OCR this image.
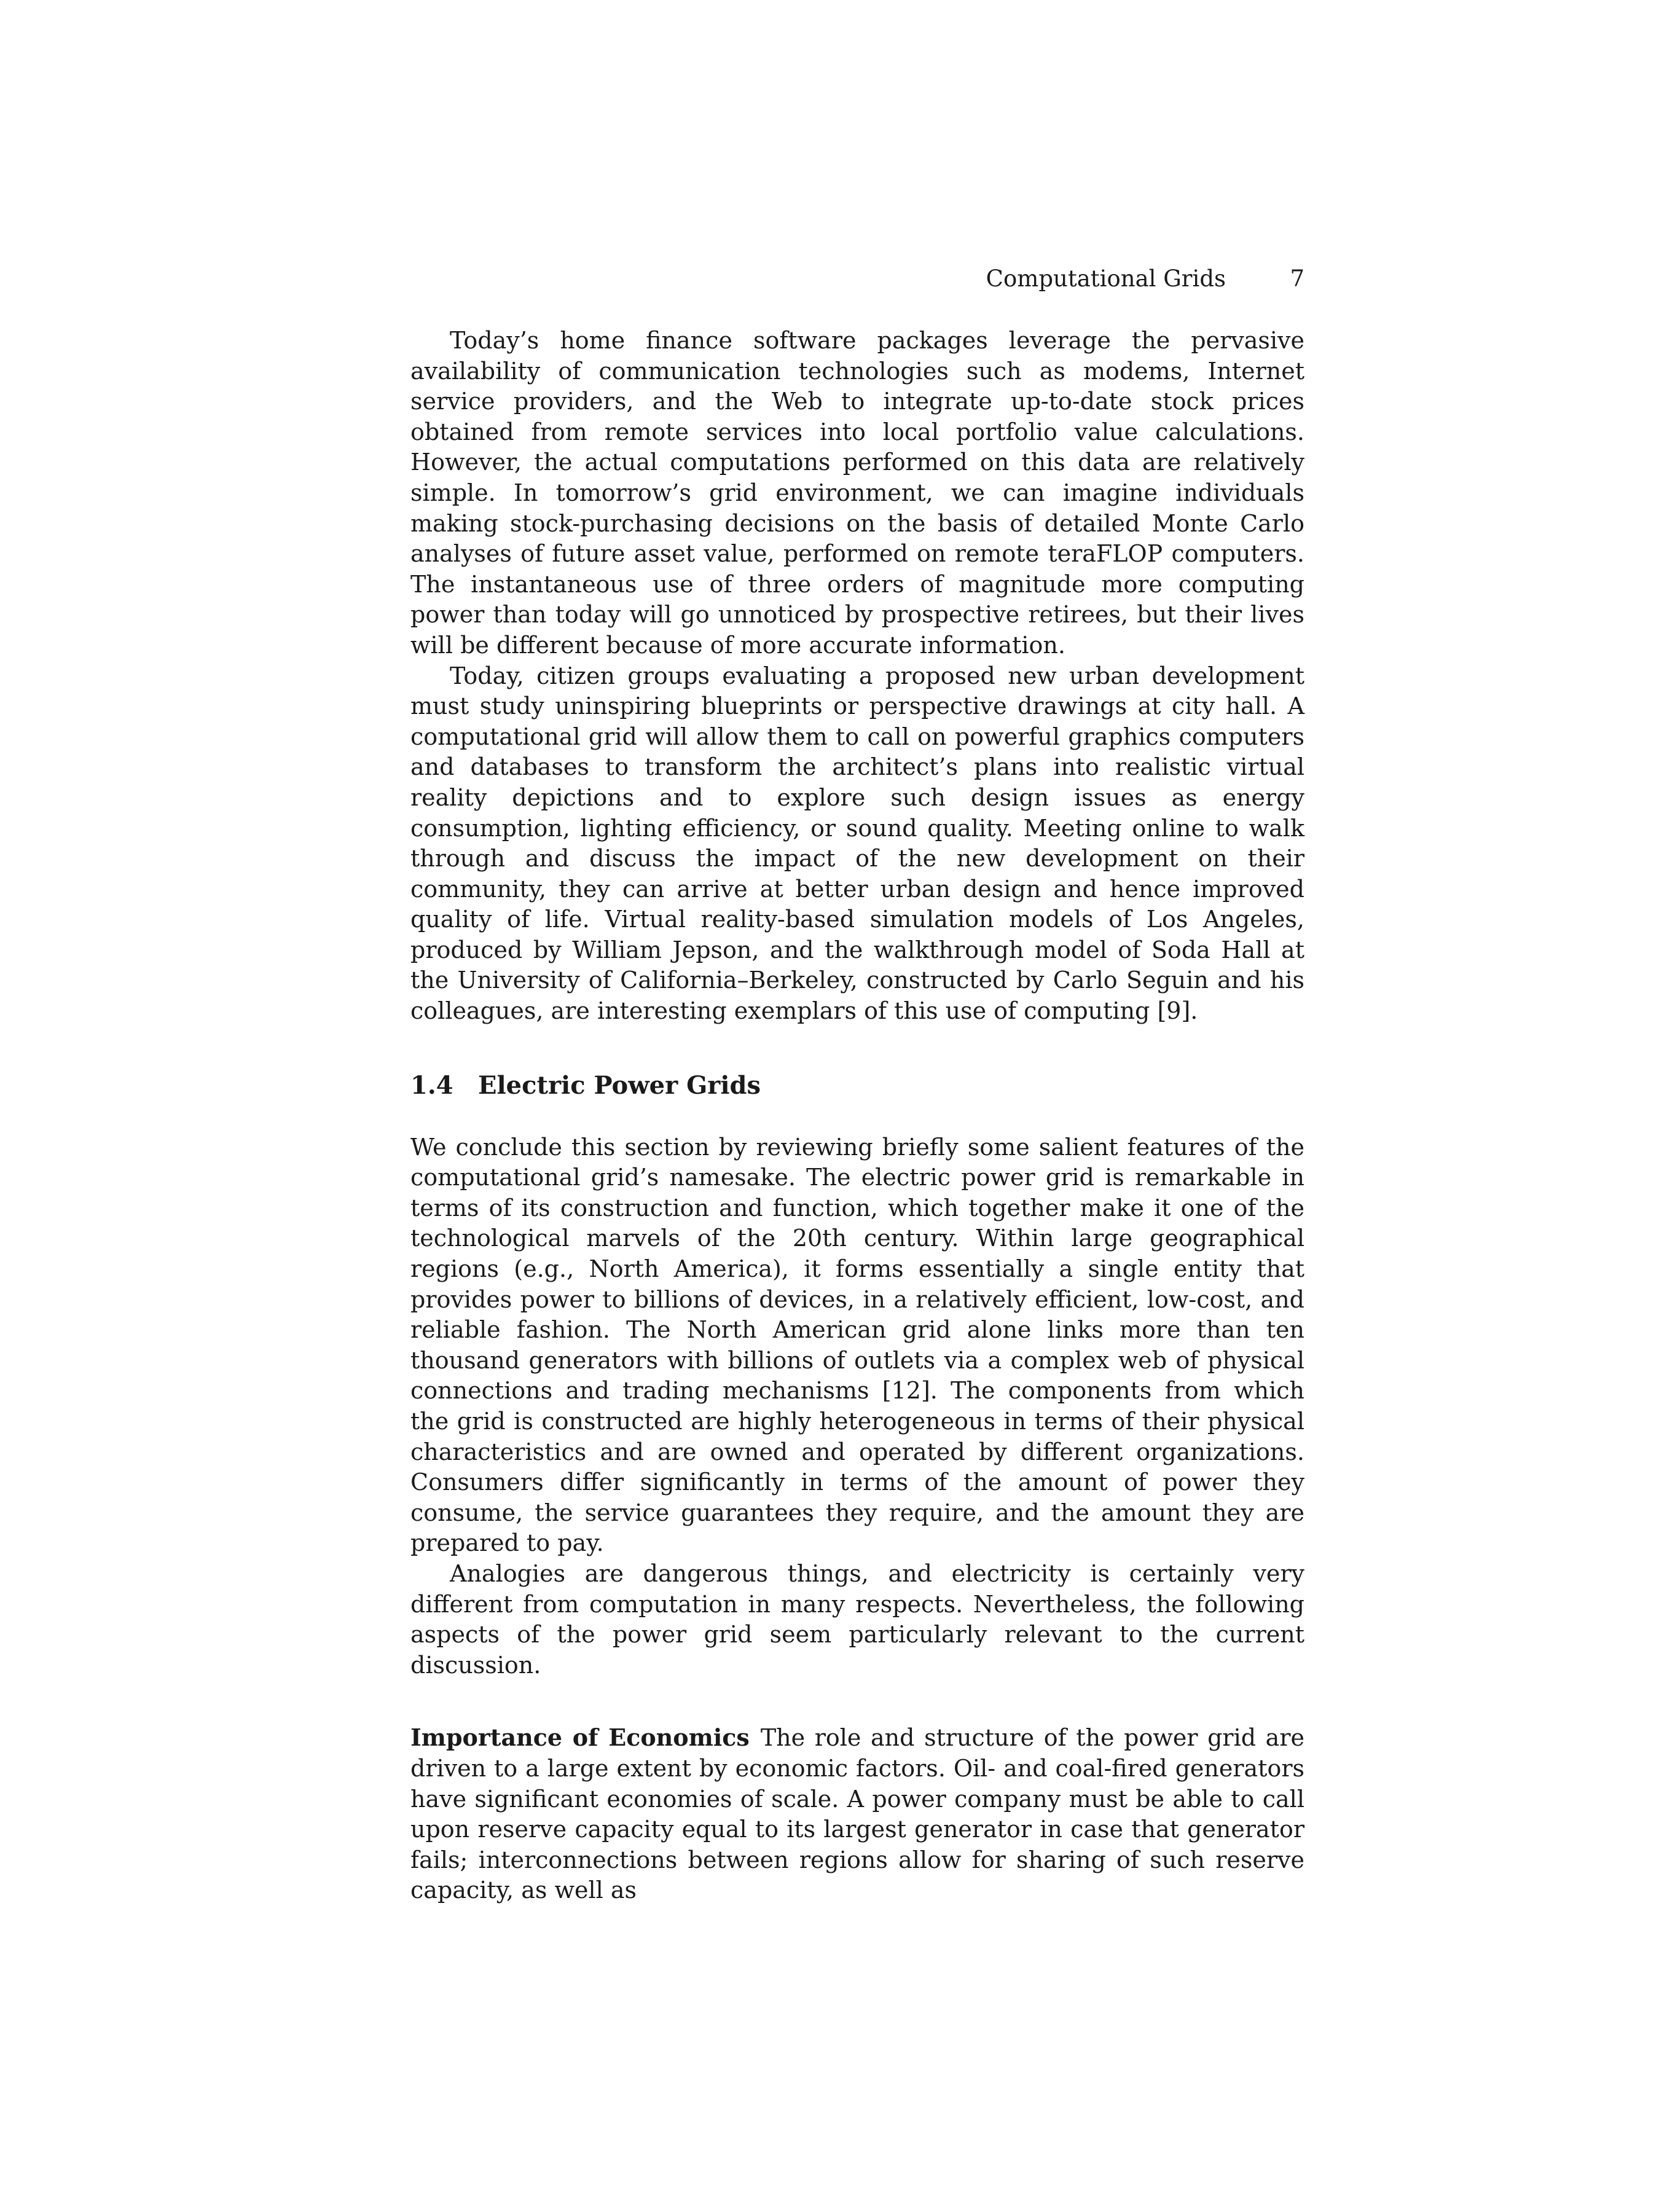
Computational Grids	7

Today’s home finance software packages leverage the pervasive availability of communication technologies such as modems, Internet service providers, and the Web to integrate up-to-date stock prices obtained from remote services into local portfolio value calculations. However, the actual computations performed on this data are relatively simple. In tomorrow’s grid environment, we can imagine individuals making stock-purchasing decisions on the basis of detailed Monte Carlo analyses of future asset value, performed on remote teraFLOP computers. The instantaneous use of three orders of magnitude more computing power than today will go unnoticed by prospective retirees, but their lives will be different because of more accurate information.

Today, citizen groups evaluating a proposed new urban development must study uninspiring blueprints or perspective drawings at city hall. A computational grid will allow them to call on powerful graphics computers and databases to transform the architect’s plans into realistic virtual reality depictions and to explore such design issues as energy consumption, lighting efficiency, or sound quality. Meeting online to walk through and discuss the impact of the new development on their community, they can arrive at better urban design and hence improved quality of life. Virtual reality-based simulation models of Los Angeles, produced by William Jepson, and the walkthrough model of Soda Hall at the University of California–Berkeley, constructed by Carlo Seguin and his colleagues, are interesting exemplars of this use of computing [9].

1.4 Electric Power Grids

We conclude this section by reviewing briefly some salient features of the computational grid’s namesake. The electric power grid is remarkable in terms of its construction and function, which together make it one of the technological marvels of the 20th century. Within large geographical regions (e.g., North America), it forms essentially a single entity that provides power to billions of devices, in a relatively efficient, low-cost, and reliable fashion. The North American grid alone links more than ten thousand generators with billions of outlets via a complex web of physical connections and trading mechanisms [12]. The components from which the grid is constructed are highly heterogeneous in terms of their physical characteristics and are owned and operated by different organizations. Consumers differ significantly in terms of the amount of power they consume, the service guarantees they require, and the amount they are prepared to pay.

Analogies are dangerous things, and electricity is certainly very different from computation in many respects. Nevertheless, the following aspects of the power grid seem particularly relevant to the current discussion.

Importance of Economics The role and structure of the power grid are driven to a large extent by economic factors. Oil- and coal-fired generators have significant economies of scale. A power company must be able to call upon reserve capacity equal to its largest generator in case that generator fails; interconnections between regions allow for sharing of such reserve capacity, as well as
